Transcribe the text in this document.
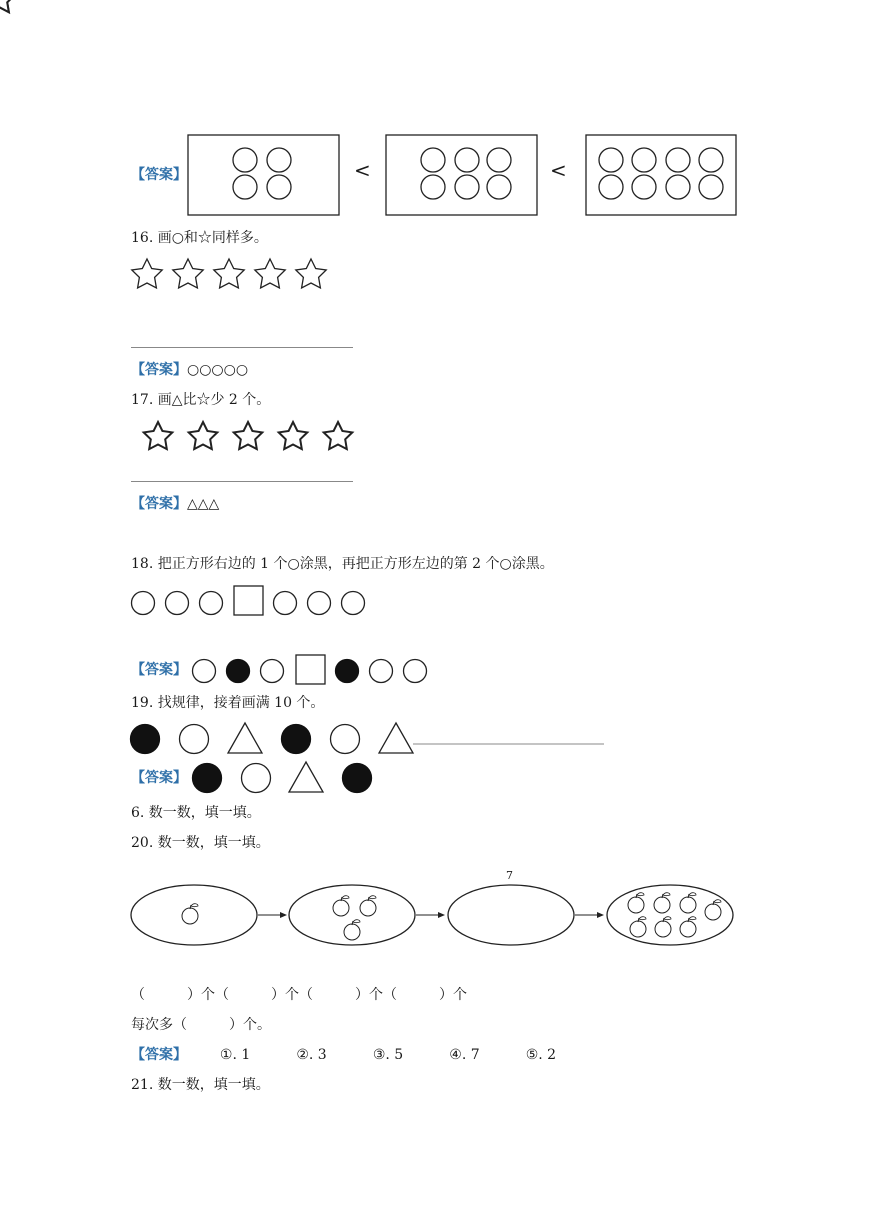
【答案】	<	<
16. 画○和☆同样多。
【答案】○○○○○
17. 画△比☆少 2 个。
【答案】△△△
18. 把正方形右边的 1 个○涂黑，再把正方形左边的第 2 个○涂黑。
【答案】
19. 找规律，接着画满 10 个。
【答案】
6. 数一数，填一填。
20. 数一数，填一填。
7
（　　　）个（　　　）个（　　　）个（　　　）个
每次多（　　　）个。
【答案】 ①. 1	②. 3	③. 5	④. 7	⑤. 2
21. 数一数，填一填。
